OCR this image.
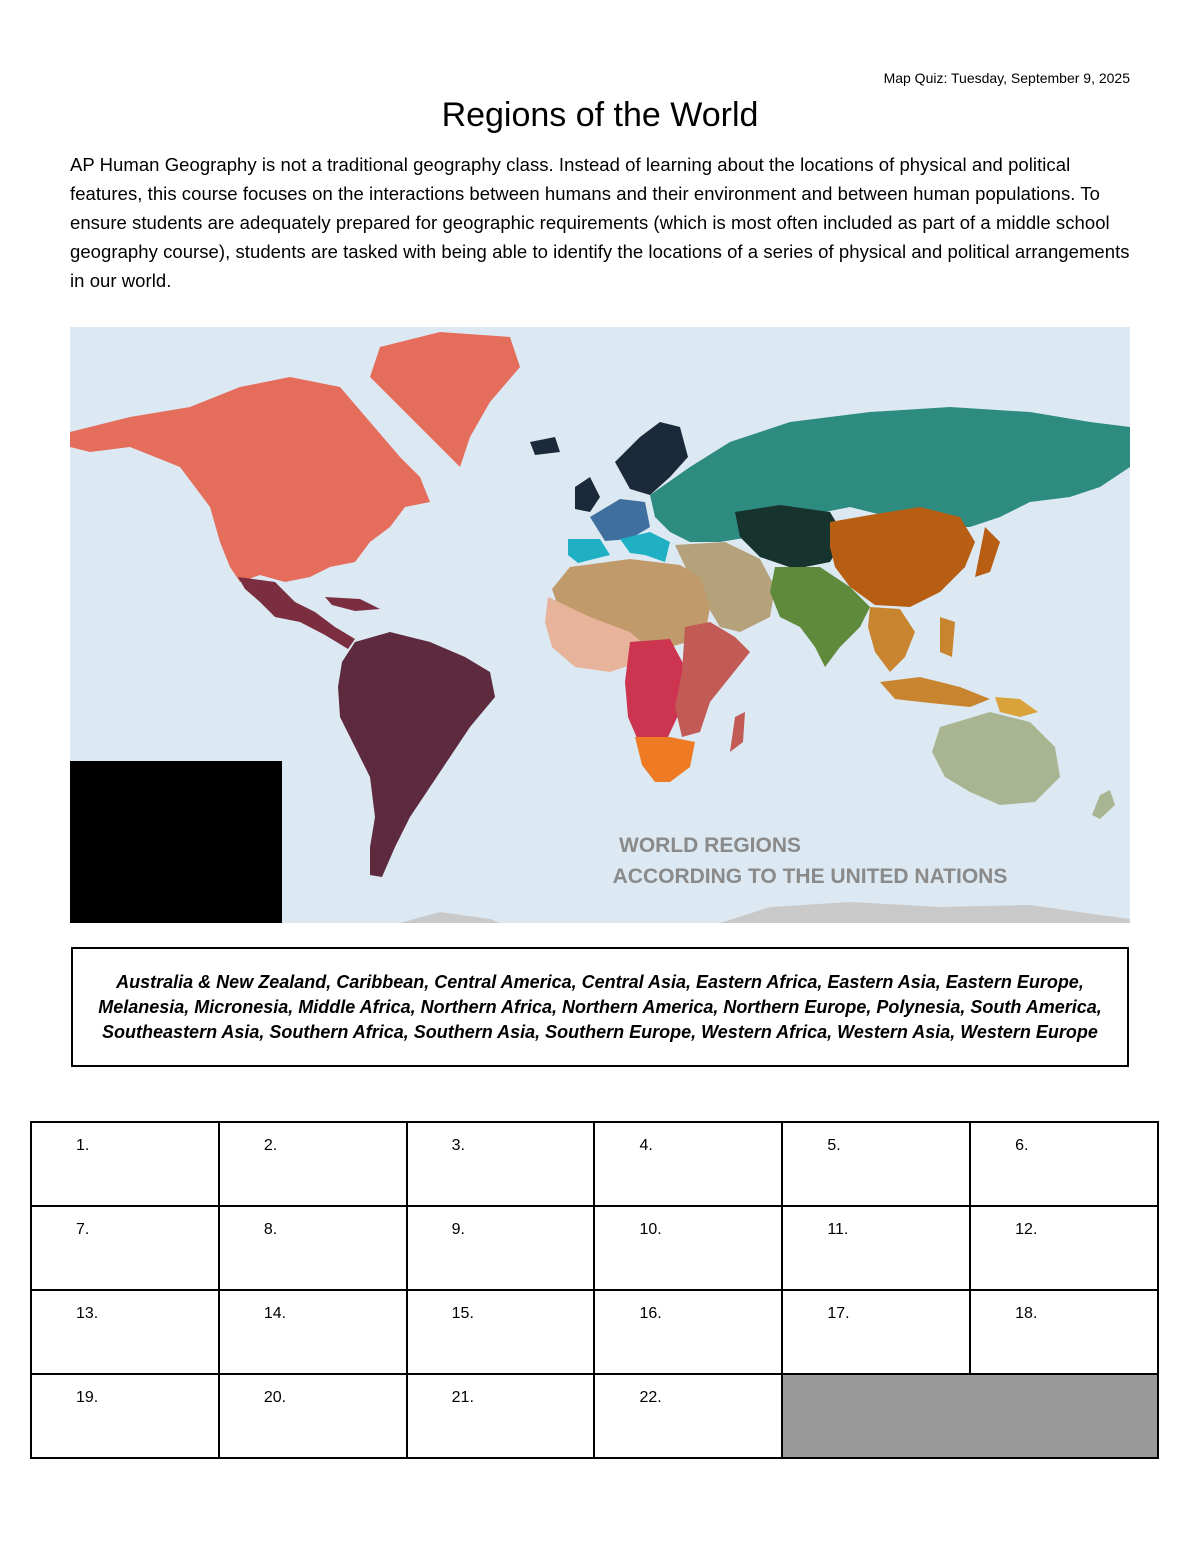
Map Quiz: Tuesday, September 9, 2025
Regions of the World

AP Human Geography is not a traditional geography class. Instead of learning about the locations of physical and political features, this course focuses on the interactions between humans and their environment and between human populations. To ensure students are adequately prepared for geographic requirements (which is most often included as part of a middle school geography course), students are tasked with being able to identify the locations of a series of physical and political arrangements in our world.

WORLD REGIONS
ACCORDING TO THE UNITED NATIONS

Australia & New Zealand, Caribbean, Central America, Central Asia, Eastern Africa, Eastern Asia, Eastern Europe, Melanesia, Micronesia, Middle Africa, Northern Africa, Northern America, Northern Europe, Polynesia, South America, Southeastern Asia, Southern Africa, Southern Asia, Southern Europe, Western Africa, Western Asia, Western Europe

1.	2.	3.	4.	5.	6.
7.	8.	9.	10.	11.	12.
13.	14.	15.	16.	17.	18.
19.	20.	21.	22.		
